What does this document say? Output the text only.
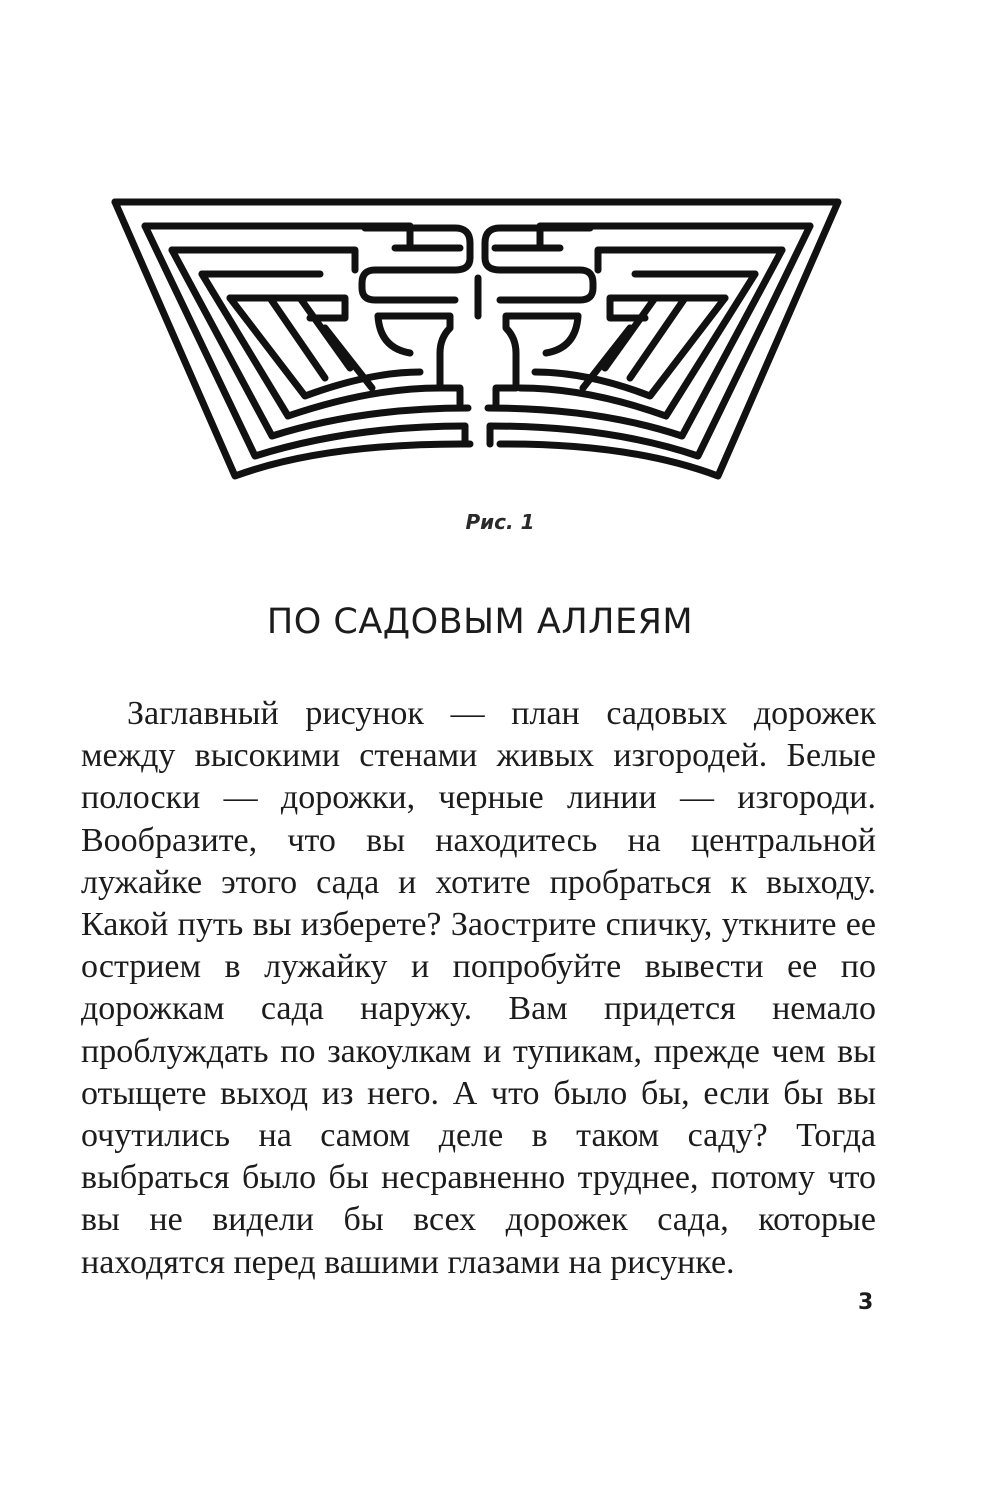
Рис. 1
ПО САДОВЫМ АЛЛЕЯМ

Заглавный рисунок — план садовых дорожек между высокими стенами живых изгородей. Белые полоски — дорожки, черные линии — изгороди. Вообразите, что вы находитесь на центральной лужайке этого сада и хотите пробраться к выходу. Какой путь вы изберете? Заострите спичку, уткните ее острием в лужайку и попробуйте вывести ее по дорожкам сада наружу. Вам придется немало проблуждать по закоулкам и тупикам, прежде чем вы отыщете выход из него. А что было бы, если бы вы очутились на самом деле в таком саду? Тогда выбраться было бы несравненно труднее, потому что вы не видели бы всех дорожек сада, которые находятся перед вашими глазами на рисунке.

3
